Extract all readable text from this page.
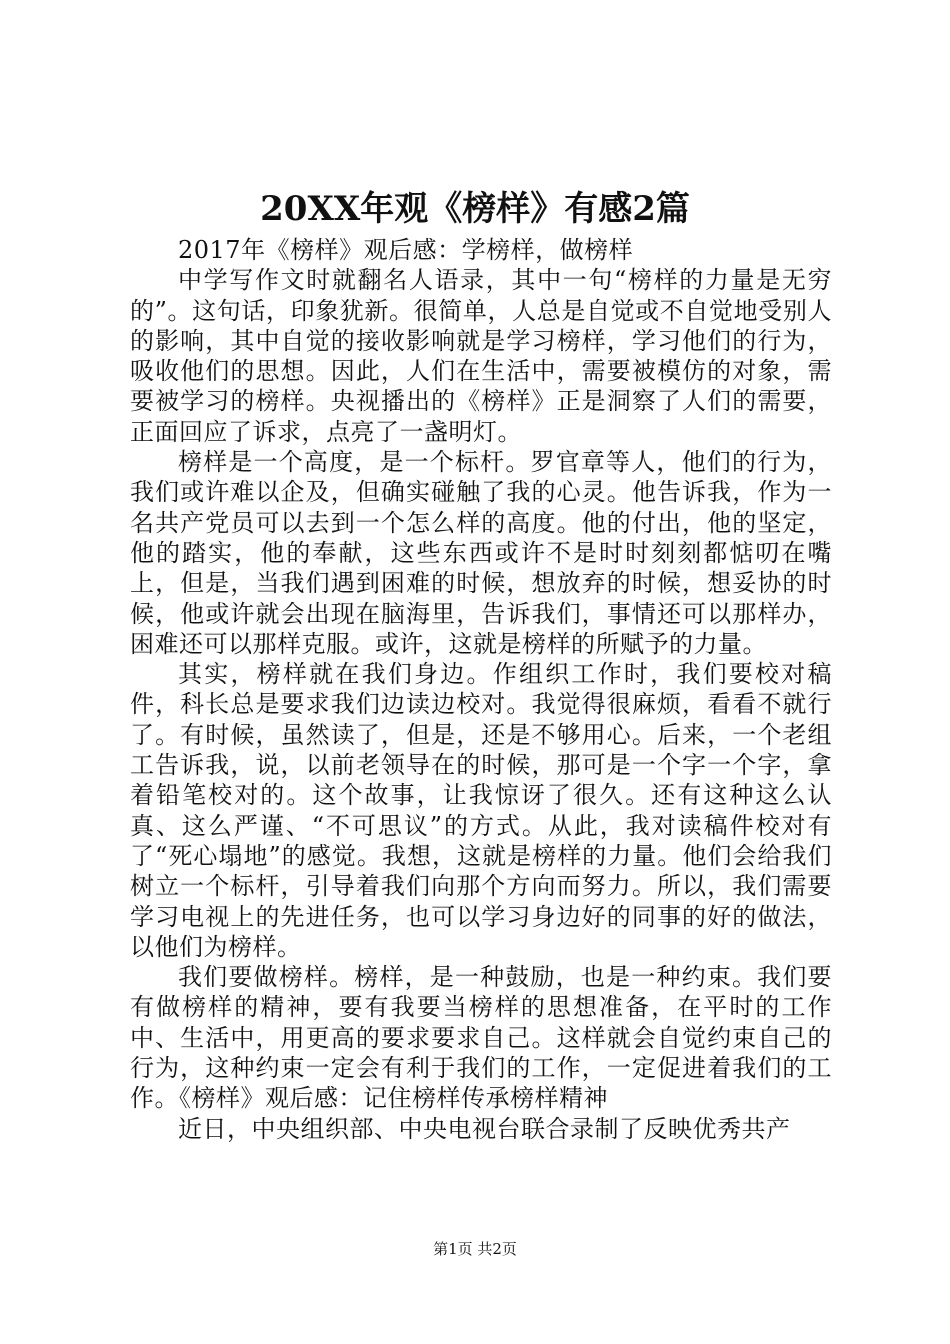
20XX年观《榜样》有感2篇

2017年《榜样》观后感：学榜样，做榜样

中学写作文时就翻名人语录，其中一句“榜样的力量是无穷的”。这句话，印象犹新。很简单，人总是自觉或不自觉地受别人的影响，其中自觉的接收影响就是学习榜样，学习他们的行为，吸收他们的思想。因此，人们在生活中，需要被模仿的对象，需要被学习的榜样。央视播出的《榜样》正是洞察了人们的需要，正面回应了诉求，点亮了一盏明灯。

榜样是一个高度，是一个标杆。罗官章等人，他们的行为，我们或许难以企及，但确实碰触了我的心灵。他告诉我，作为一名共产党员可以去到一个怎么样的高度。他的付出，他的坚定，他的踏实，他的奉献，这些东西或许不是时时刻刻都惦叨在嘴上，但是，当我们遇到困难的时候，想放弃的时候，想妥协的时候，他或许就会出现在脑海里，告诉我们，事情还可以那样办，困难还可以那样克服。或许，这就是榜样的所赋予的力量。

其实，榜样就在我们身边。作组织工作时，我们要校对稿件，科长总是要求我们边读边校对。我觉得很麻烦，看看不就行了。有时候，虽然读了，但是，还是不够用心。后来，一个老组工告诉我，说，以前老领导在的时候，那可是一个字一个字，拿着铅笔校对的。这个故事，让我惊讶了很久。还有这种这么认真、这么严谨、“不可思议”的方式。从此，我对读稿件校对有了“死心塌地”的感觉。我想，这就是榜样的力量。他们会给我们树立一个标杆，引导着我们向那个方向而努力。所以，我们需要学习电视上的先进任务，也可以学习身边好的同事的好的做法，以他们为榜样。

我们要做榜样。榜样，是一种鼓励，也是一种约束。我们要有做榜样的精神，要有我要当榜样的思想准备，在平时的工作中、生活中，用更高的要求要求自己。这样就会自觉约束自己的行为，这种约束一定会有利于我们的工作，一定促进着我们的工作。《榜样》观后感：记住榜样传承榜样精神

近日，中央组织部、中央电视台联合录制了反映优秀共产

第1页 共2页
